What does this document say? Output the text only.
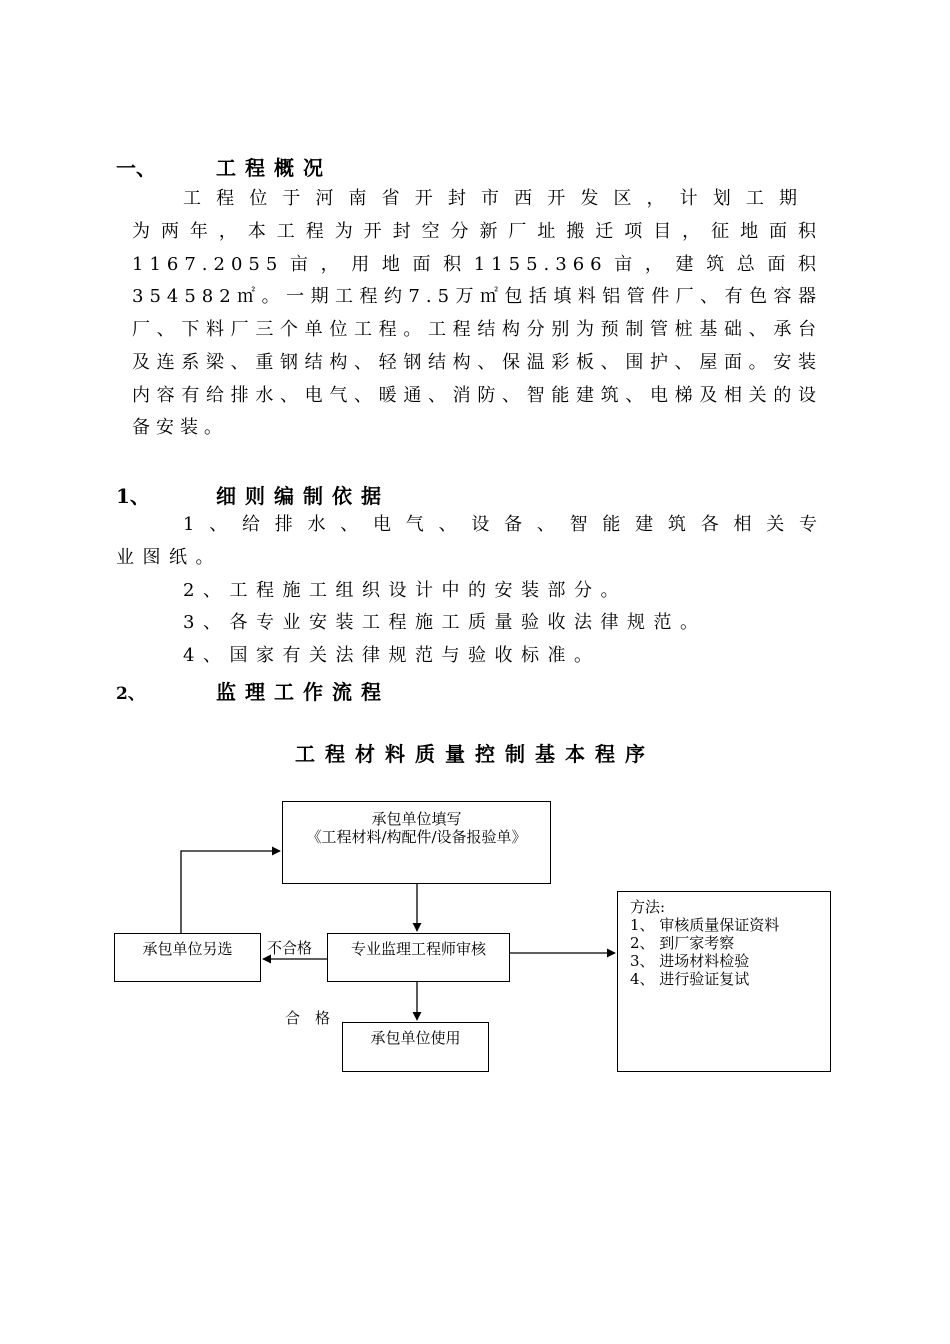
一、	工程概况
工程位于河南省开封市西开发区，计划工期
为两年，本工程为开封空分新厂址搬迁项目，征地面积1167.2055亩，用地面积1155.366亩，建筑总面积354582㎡。一期工程约7.5万㎡包括填料铝管件厂、有色容器厂、下料厂三个单位工程。工程结构分别为预制管桩基础、承台及连系梁、重钢结构、轻钢结构、保温彩板、围护、屋面。安装内容有给排水、电气、暖通、消防、智能建筑、电梯及相关的设备安装。
1、	细则编制依据
1、给排水、电气、设备、智能建筑各相关专
业图纸。
2、工程施工组织设计中的安装部分。
3、各专业安装工程施工质量验收法律规范。
4、国家有关法律规范与验收标准。
2、	监理工作流程
工程材料质量控制基本程序
承包单位填写
《工程材料/构配件/设备报验单》
专业监理工程师审核
承包单位另选
承包单位使用
方法:
1、 审核质量保证资料
2、 到厂家考察
3、 进场材料检验
4、 进行验证复试
不合格
合　格
